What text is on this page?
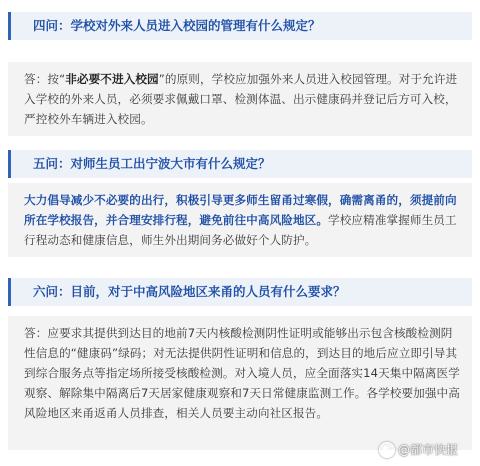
四问：学校对外来人员进入校园的管理有什么规定？
答：按“非必要不进入校园”的原则，学校应加强外来人员进入校园管理。对于允许进入学校的外来人员，必须要求佩戴口罩、检测体温、出示健康码并登记后方可入校，严控校外车辆进入校园。
五问：对师生员工出宁波大市有什么规定？
大力倡导减少不必要的出行，积极引导更多师生留甬过寒假，确需离甬的，须提前向所在学校报告，并合理安排行程，避免前往中高风险地区。学校应精准掌握师生员工行程动态和健康信息，师生外出期间务必做好个人防护。
六问：目前，对于中高风险地区来甬的人员有什么要求？
答：应要求其提供到达目的地前7天内核酸检测阴性证明或能够出示包含核酸检测阴性信息的“健康码”绿码；对无法提供阴性证明和信息的，到达目的地后应立即引导其到综合服务点等指定场所接受核酸检测。对入境人员，应全面落实14天集中隔离医学观察、解除集中隔离后7天居家健康观察和7天日常健康监测工作。各学校要加强中高风险地区来甬返甬人员排查，相关人员要主动向社区报告。
@都市快报
